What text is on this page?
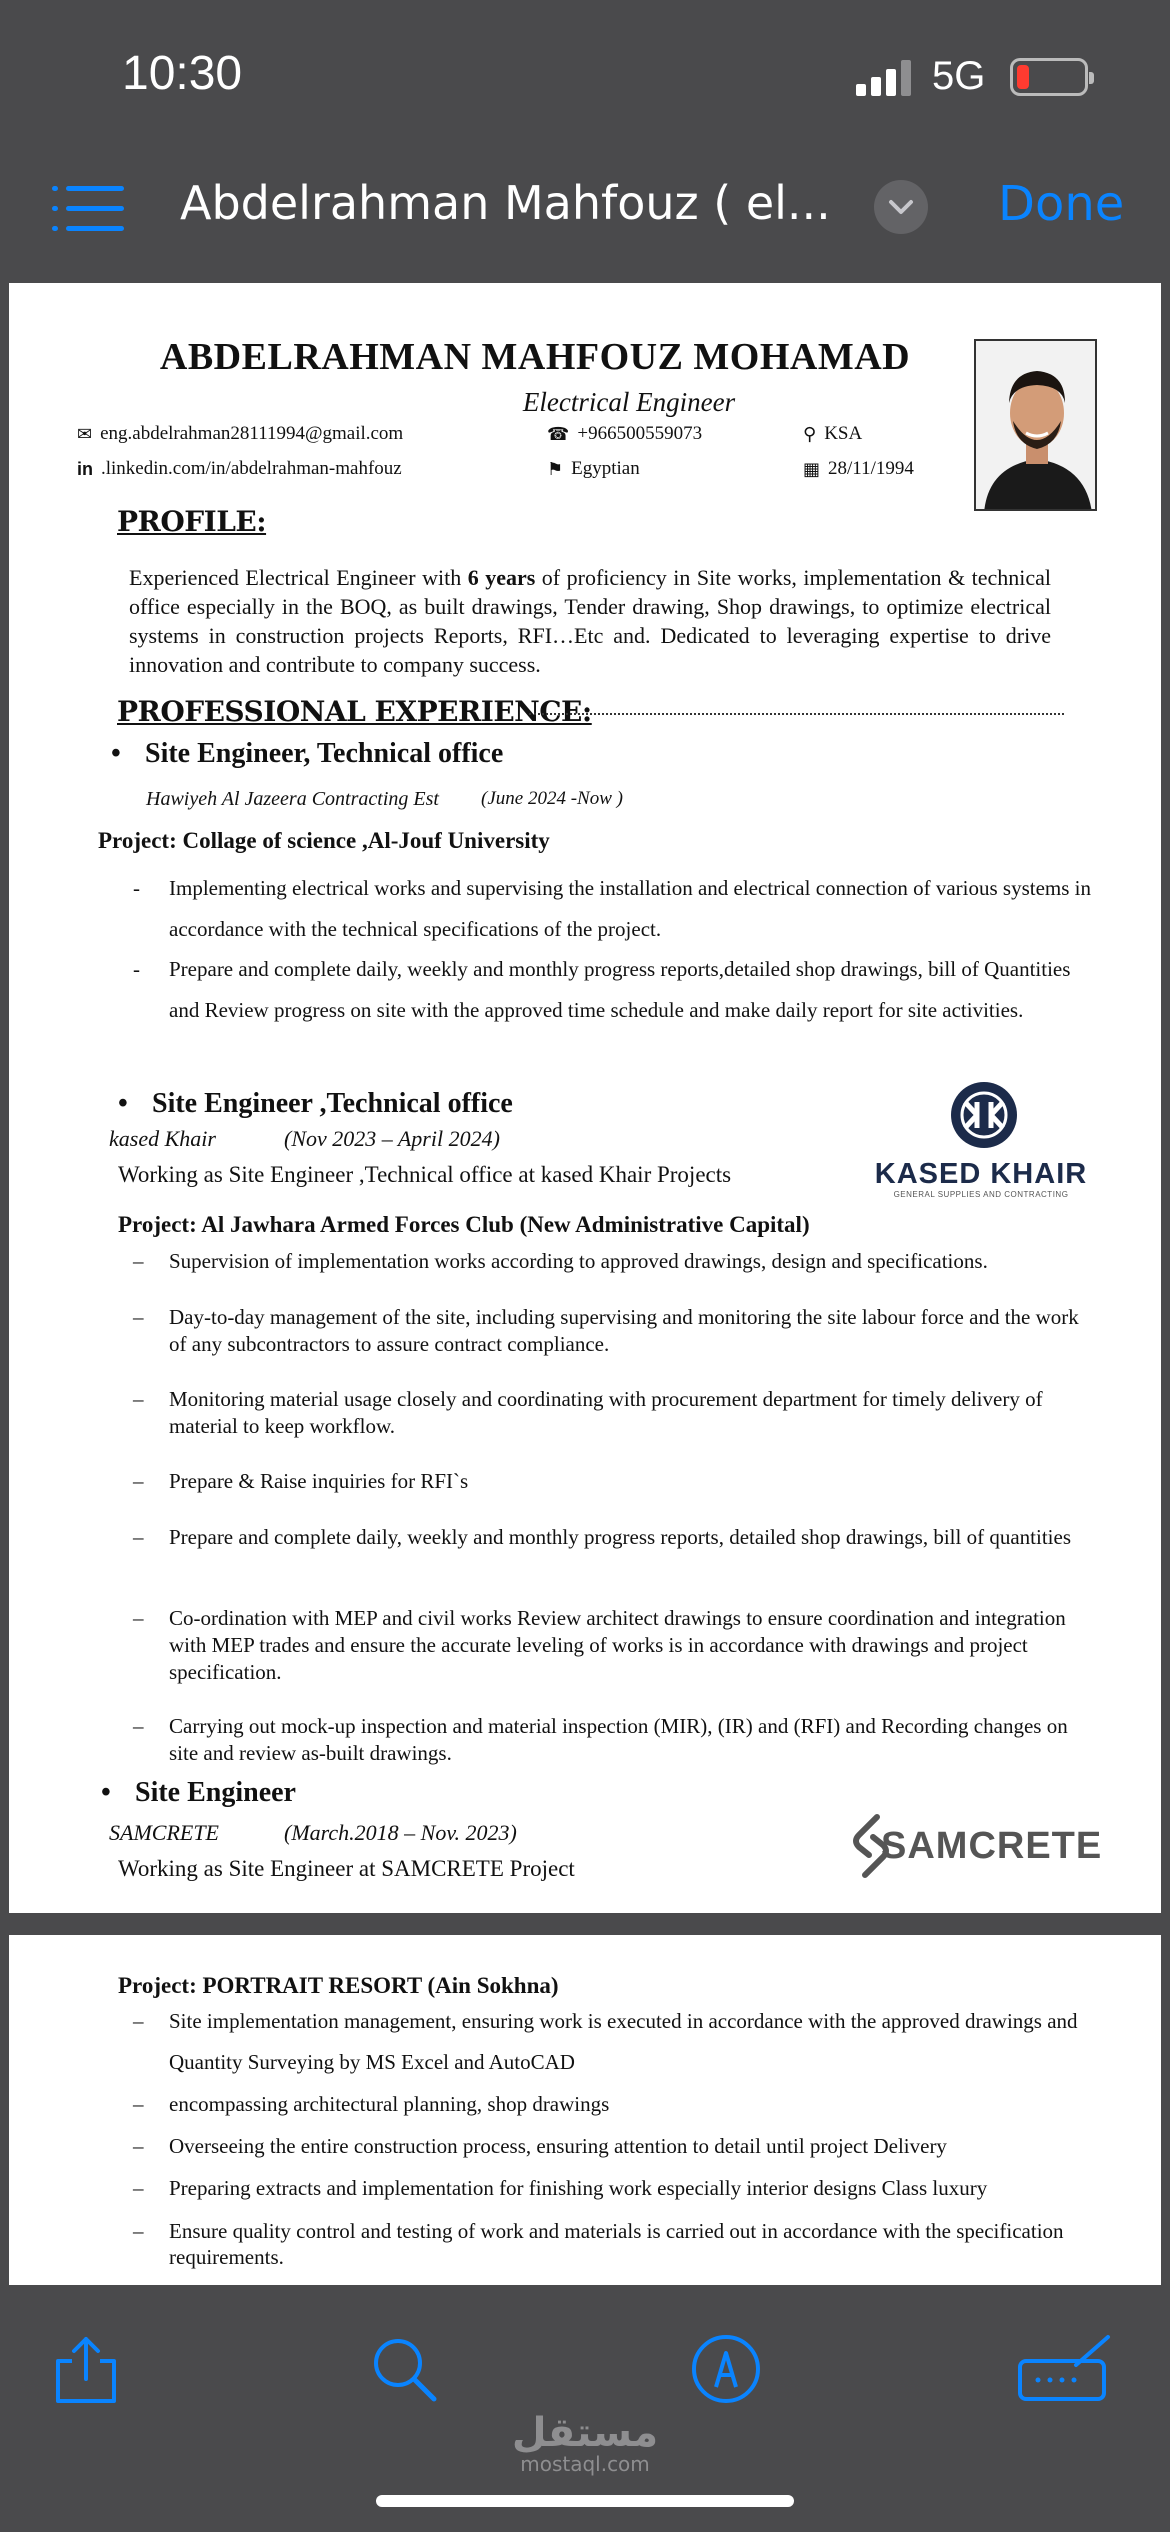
10:30	5G
Abdelrahman Mahfouz ( el...	Done
ABDELRAHMAN MAHFOUZ MOHAMAD
Electrical Engineer
✉ eng.abdelrahman28111994@gmail.com	☎ +966500559073	⚲ KSA
in .linkedin.com/in/abdelrahman-mahfouz	⚑ Egyptian	▦ 28/11/1994
PROFILE:
Experienced Electrical Engineer with 6 years of proficiency in Site works, implementation & technical office especially in the BOQ, as built drawings, Tender drawing, Shop drawings, to optimize electrical systems in construction projects Reports, RFI…Etc and. Dedicated to leveraging expertise to drive innovation and contribute to company success.
PROFESSIONAL EXPERIENCE:
• Site Engineer, Technical office
Hawiyeh Al Jazeera Contracting Est (June 2024 -Now )
Project: Collage of science ,Al-Jouf University
- Implementing electrical works and supervising the installation and electrical connection of various systems in accordance with the technical specifications of the project.
- Prepare and complete daily, weekly and monthly progress reports,detailed shop drawings, bill of Quantities and Review progress on site with the approved time schedule and make daily report for site activities.
• Site Engineer ,Technical office
kased Khair	(Nov 2023 – April 2024)
Working as Site Engineer ,Technical office at kased Khair Projects	KASED KHAIR
GENERAL SUPPLIES AND CONTRACTING
Project: Al Jawhara Armed Forces Club (New Administrative Capital)
– Supervision of implementation works according to approved drawings, design and specifications.
– Day-to-day management of the site, including supervising and monitoring the site labour force and the work of any subcontractors to assure contract compliance.
– Monitoring material usage closely and coordinating with procurement department for timely delivery of material to keep workflow.
– Prepare & Raise inquiries for RFI`s
– Prepare and complete daily, weekly and monthly progress reports, detailed shop drawings, bill of quantities
– Co-ordination with MEP and civil works Review architect drawings to ensure coordination and integration with MEP trades and ensure the accurate leveling of works is in accordance with drawings and project specification.
– Carrying out mock-up inspection and material inspection (MIR), (IR) and (RFI) and Recording changes on site and review as-built drawings.
• Site Engineer
SAMCRETE	(March.2018 – Nov. 2023)
Working as Site Engineer at SAMCRETE Project
SAMCRETE
Project: PORTRAIT RESORT (Ain Sokhna)
– Site implementation management, ensuring work is executed in accordance with the approved drawings and Quantity Surveying by MS Excel and AutoCAD
– encompassing architectural planning, shop drawings
– Overseeing the entire construction process, ensuring attention to detail until project Delivery
– Preparing extracts and implementation for finishing work especially interior designs Class luxury
– Ensure quality control and testing of work and materials is carried out in accordance with the specification requirements.
مستقل
mostaql.com
